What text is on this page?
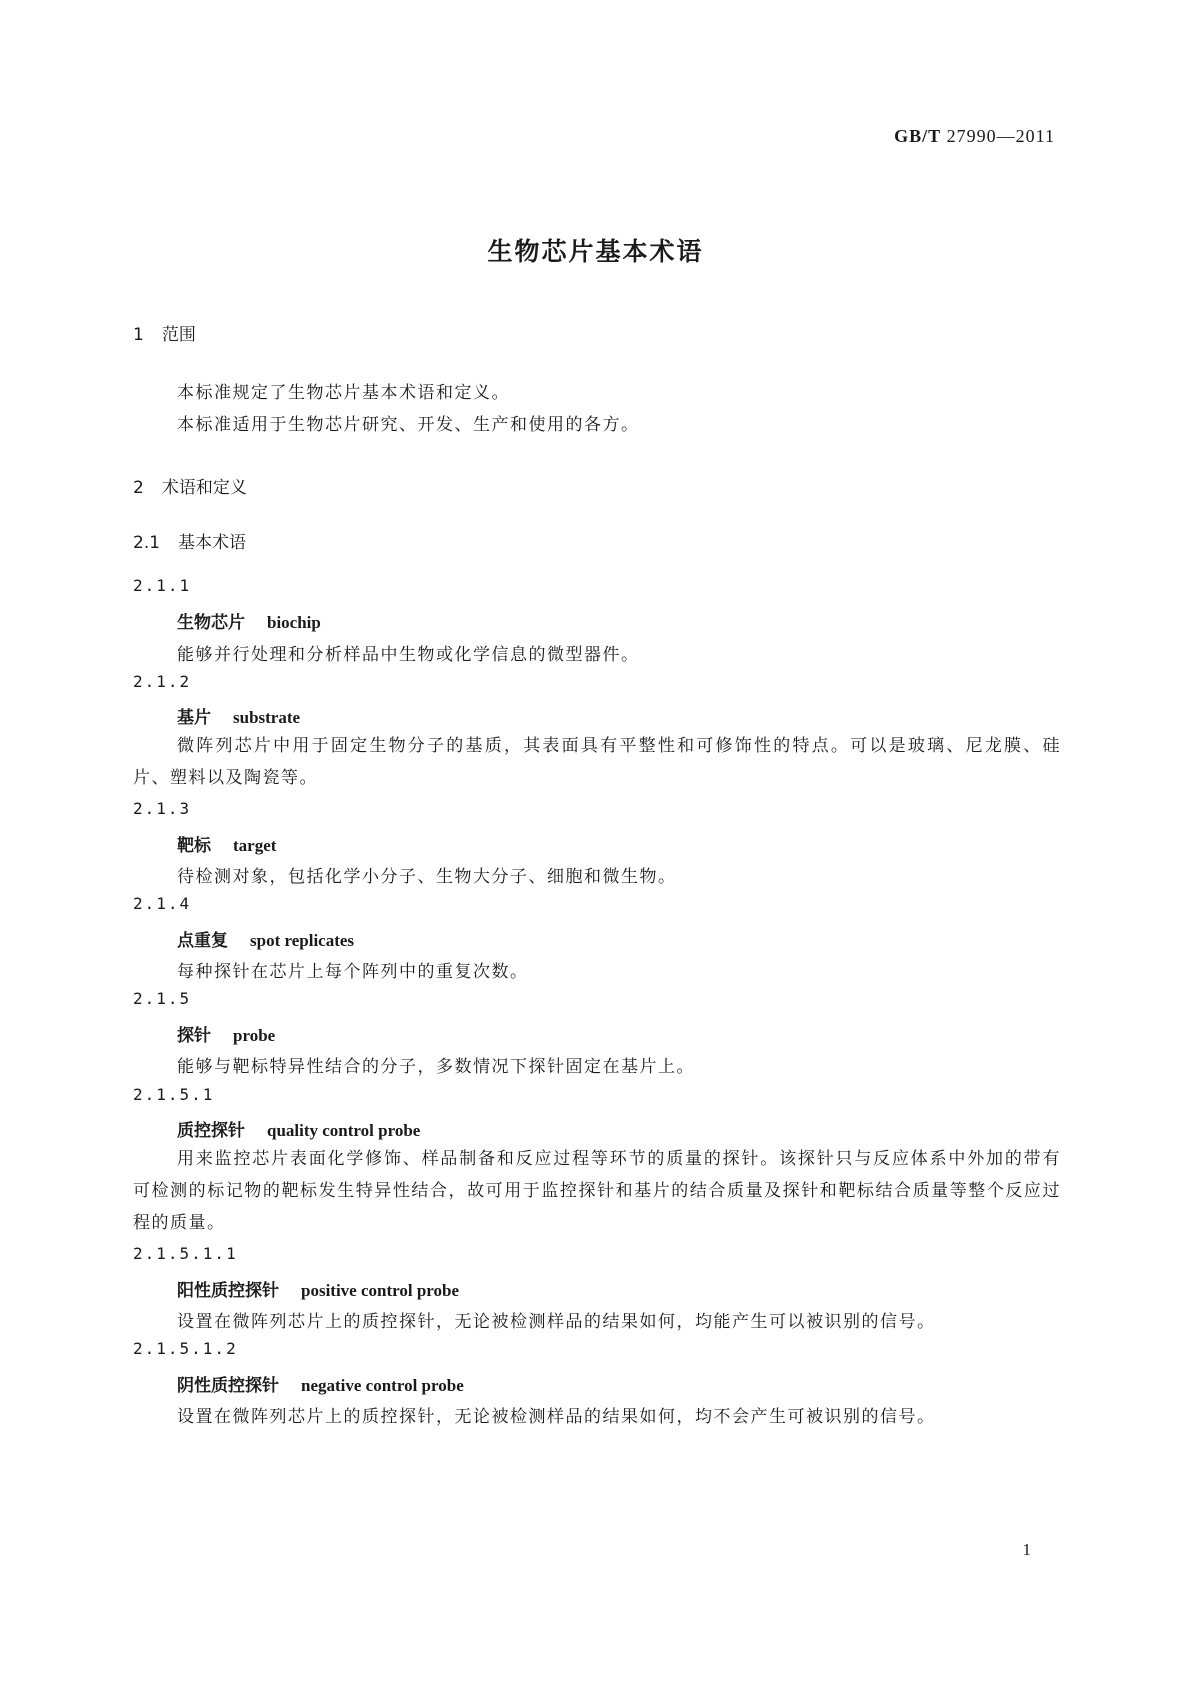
GB/T 27990—2011
生物芯片基本术语
1 范围
本标准规定了生物芯片基本术语和定义。
本标准适用于生物芯片研究、开发、生产和使用的各方。
2 术语和定义
2.1 基本术语
2.1.1
生物芯片 biochip
能够并行处理和分析样品中生物或化学信息的微型器件。
2.1.2
基片 substrate
微阵列芯片中用于固定生物分子的基质，其表面具有平整性和可修饰性的特点。可以是玻璃、尼龙膜、硅片、塑料以及陶瓷等。
2.1.3
靶标 target
待检测对象，包括化学小分子、生物大分子、细胞和微生物。
2.1.4
点重复 spot replicates
每种探针在芯片上每个阵列中的重复次数。
2.1.5
探针 probe
能够与靶标特异性结合的分子，多数情况下探针固定在基片上。
2.1.5.1
质控探针 quality control probe
用来监控芯片表面化学修饰、样品制备和反应过程等环节的质量的探针。该探针只与反应体系中外加的带有可检测的标记物的靶标发生特异性结合，故可用于监控探针和基片的结合质量及探针和靶标结合质量等整个反应过程的质量。
2.1.5.1.1
阳性质控探针 positive control probe
设置在微阵列芯片上的质控探针，无论被检测样品的结果如何，均能产生可以被识别的信号。
2.1.5.1.2
阴性质控探针 negative control probe
设置在微阵列芯片上的质控探针，无论被检测样品的结果如何，均不会产生可被识别的信号。
1
